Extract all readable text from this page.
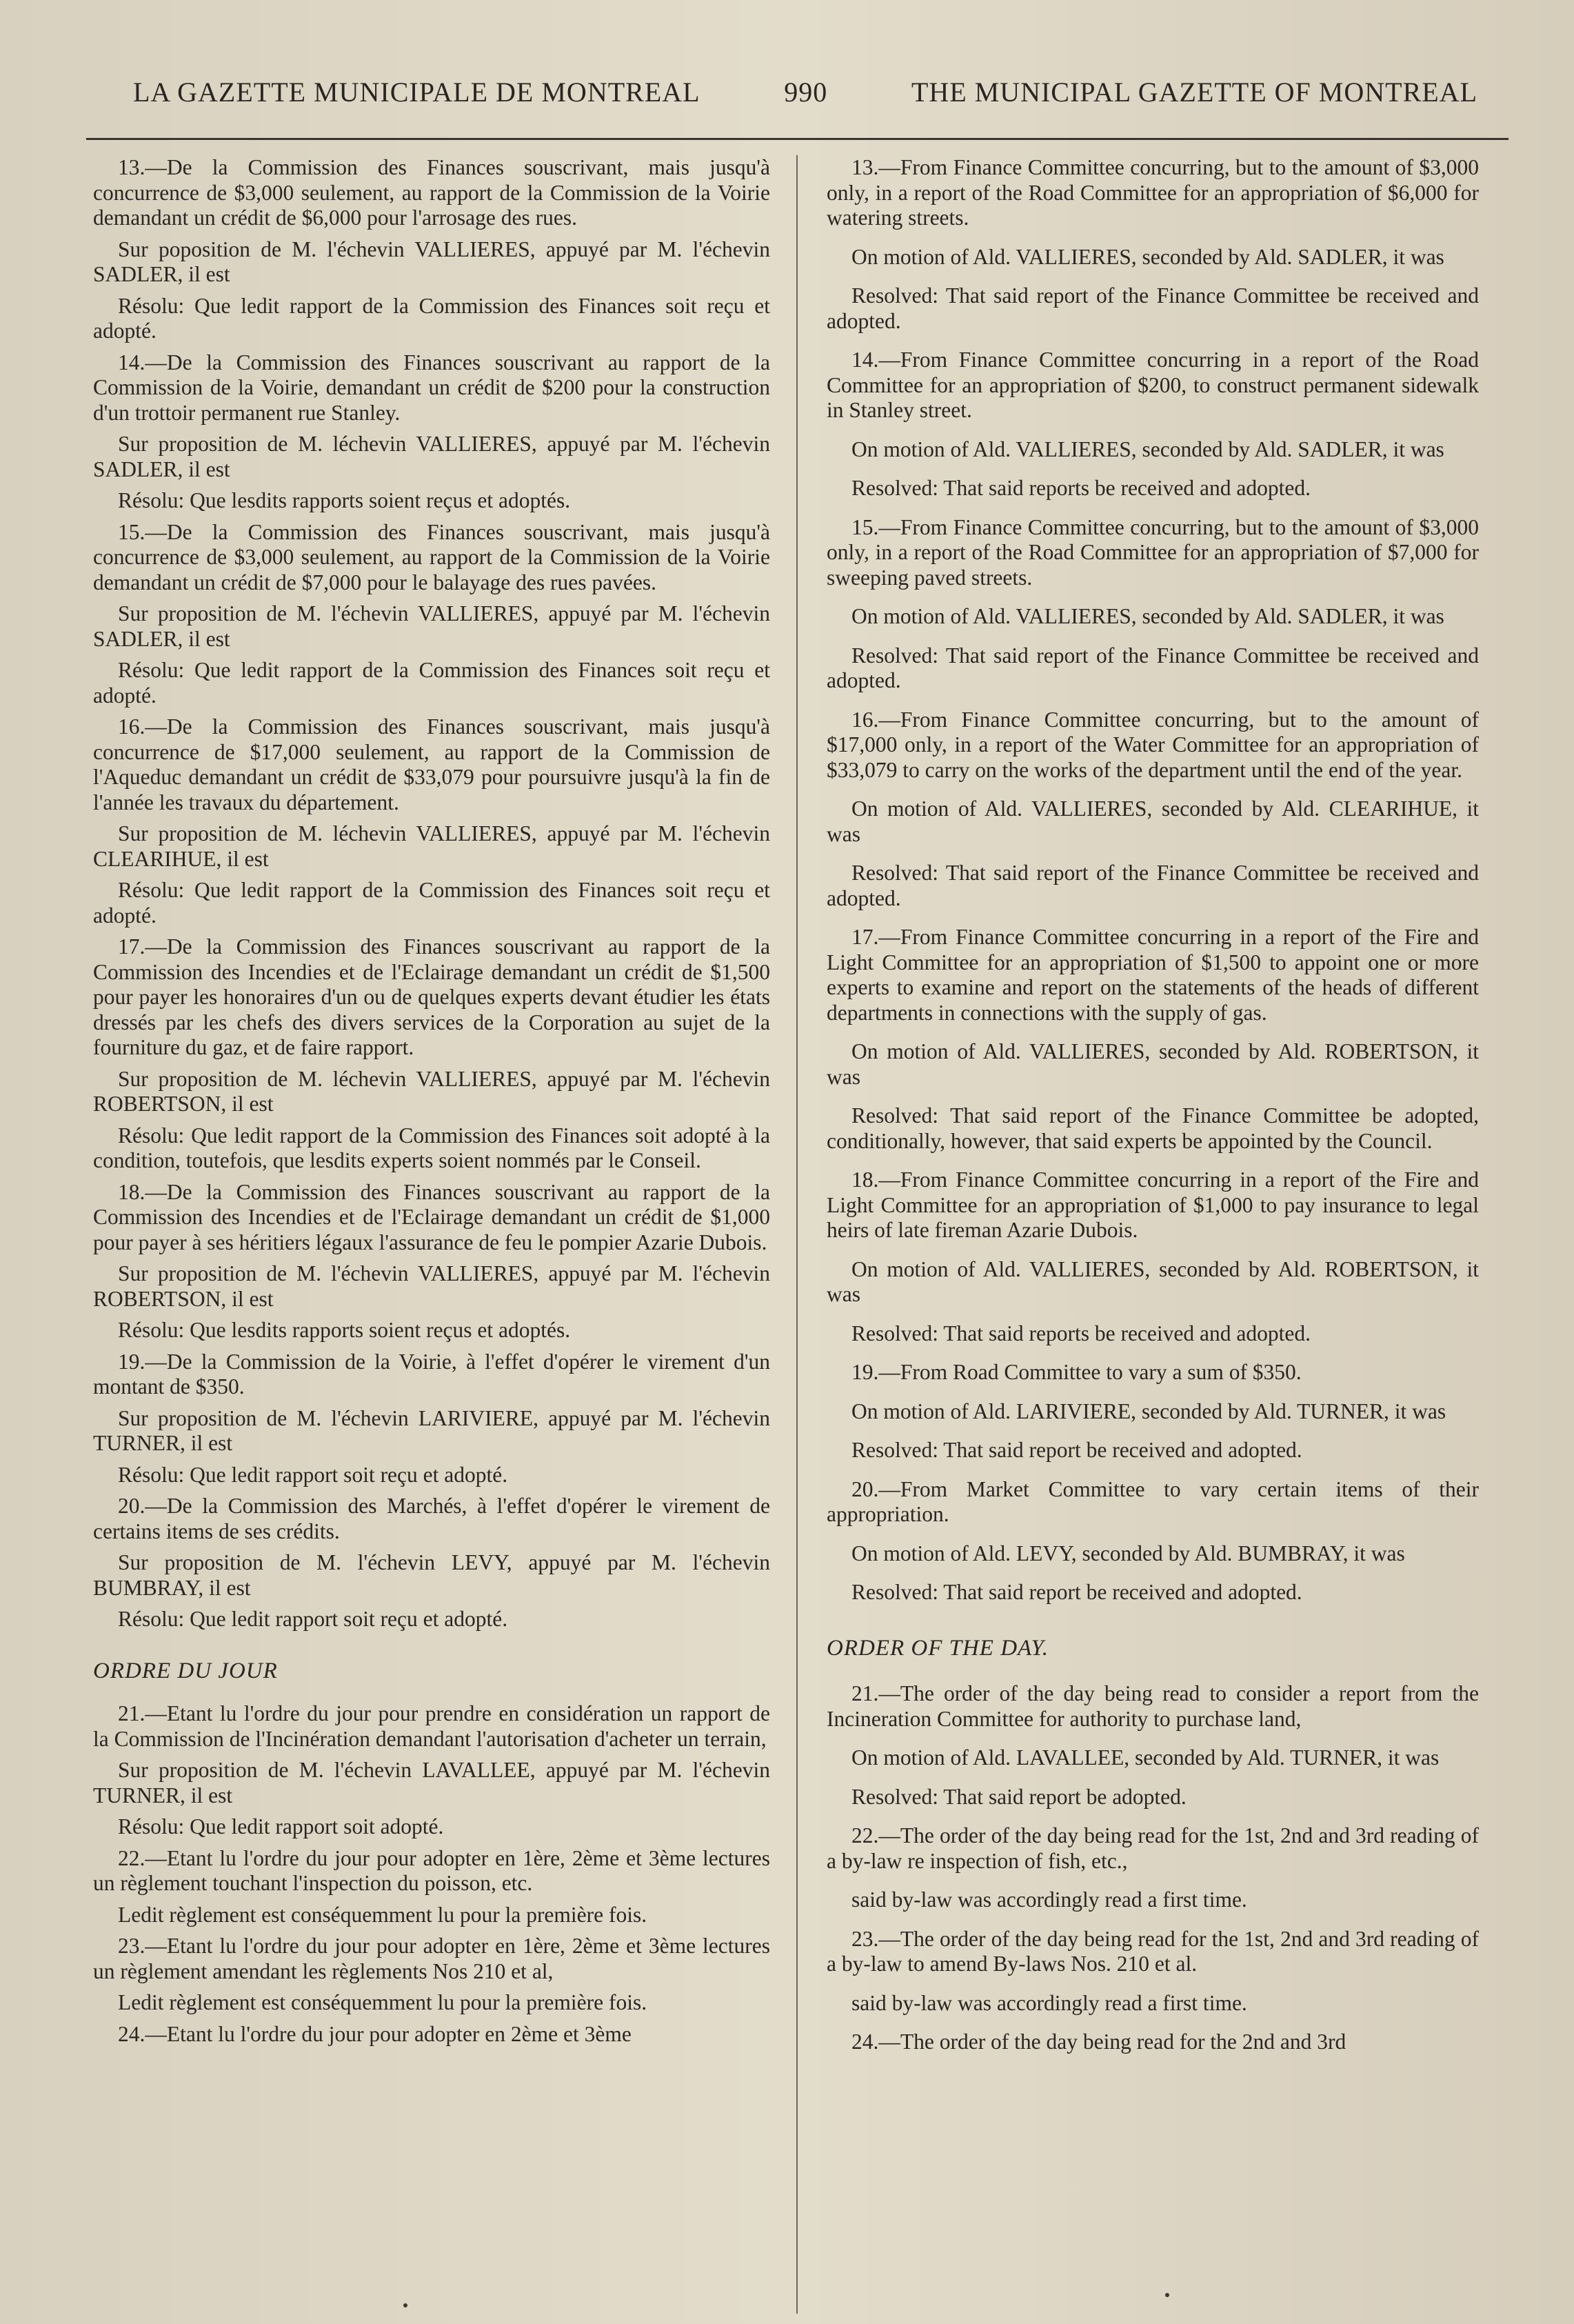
LA GAZETTE MUNICIPALE DE MONTREAL	990	THE MUNICIPAL GAZETTE OF MONTREAL

13.—De la Commission des Finances souscrivant, mais jusqu'à concurrence de $3,000 seulement, au rapport de la Commission de la Voirie demandant un crédit de $6,000 pour l'arrosage des rues.

Sur poposition de M. l'échevin VALLIERES, appuyé par M. l'échevin SADLER, il est

Résolu: Que ledit rapport de la Commission des Finances soit reçu et adopté.

14.—De la Commission des Finances souscrivant au rapport de la Commission de la Voirie, demandant un crédit de $200 pour la construction d'un trottoir permanent rue Stanley.

Sur proposition de M. léchevin VALLIERES, appuyé par M. l'échevin SADLER, il est

Résolu: Que lesdits rapports soient reçus et adoptés.

15.—De la Commission des Finances souscrivant, mais jusqu'à concurrence de $3,000 seulement, au rapport de la Commission de la Voirie demandant un crédit de $7,000 pour le balayage des rues pavées.

Sur proposition de M. l'échevin VALLIERES, appuyé par M. l'échevin SADLER, il est

Résolu: Que ledit rapport de la Commission des Finances soit reçu et adopté.

16.—De la Commission des Finances souscrivant, mais jusqu'à concurrence de $17,000 seulement, au rapport de la Commission de l'Aqueduc demandant un crédit de $33,079 pour poursuivre jusqu'à la fin de l'année les travaux du département.

Sur proposition de M. léchevin VALLIERES, appuyé par M. l'échevin CLEARIHUE, il est

Résolu: Que ledit rapport de la Commission des Finances soit reçu et adopté.

17.—De la Commission des Finances souscrivant au rapport de la Commission des Incendies et de l'Eclairage demandant un crédit de $1,500 pour payer les honoraires d'un ou de quelques experts devant étudier les états dressés par les chefs des divers services de la Corporation au sujet de la fourniture du gaz, et de faire rapport.

Sur proposition de M. léchevin VALLIERES, appuyé par M. l'échevin ROBERTSON, il est

Résolu: Que ledit rapport de la Commission des Finances soit adopté à la condition, toutefois, que lesdits experts soient nommés par le Conseil.

18.—De la Commission des Finances souscrivant au rapport de la Commission des Incendies et de l'Eclairage demandant un crédit de $1,000 pour payer à ses héritiers légaux l'assurance de feu le pompier Azarie Dubois.

Sur proposition de M. l'échevin VALLIERES, appuyé par M. l'échevin ROBERTSON, il est

Résolu: Que lesdits rapports soient reçus et adoptés.

19.—De la Commission de la Voirie, à l'effet d'opérer le virement d'un montant de $350.

Sur proposition de M. l'échevin LARIVIERE, appuyé par M. l'échevin TURNER, il est

Résolu: Que ledit rapport soit reçu et adopté.

20.—De la Commission des Marchés, à l'effet d'opérer le virement de certains items de ses crédits.

Sur proposition de M. l'échevin LEVY, appuyé par M. l'échevin BUMBRAY, il est

Résolu: Que ledit rapport soit reçu et adopté.

ORDRE DU JOUR

21.—Etant lu l'ordre du jour pour prendre en considération un rapport de la Commission de l'Incinération demandant l'autorisation d'acheter un terrain,

Sur proposition de M. l'échevin LAVALLEE, appuyé par M. l'échevin TURNER, il est

Résolu: Que ledit rapport soit adopté.

22.—Etant lu l'ordre du jour pour adopter en 1ère, 2ème et 3ème lectures un règlement touchant l'inspection du poisson, etc.

Ledit règlement est conséquemment lu pour la première fois.

23.—Etant lu l'ordre du jour pour adopter en 1ère, 2ème et 3ème lectures un règlement amendant les règlements Nos 210 et al,

Ledit règlement est conséquemment lu pour la première fois.

24.—Etant lu l'ordre du jour pour adopter en 2ème et 3ème

13.—From Finance Committee concurring, but to the amount of $3,000 only, in a report of the Road Committee for an appropriation of $6,000 for watering streets.

On motion of Ald. VALLIERES, seconded by Ald. SADLER, it was

Resolved: That said report of the Finance Committee be received and adopted.

14.—From Finance Committee concurring in a report of the Road Committee for an appropriation of $200, to construct permanent sidewalk in Stanley street.

On motion of Ald. VALLIERES, seconded by Ald. SADLER, it was

Resolved: That said reports be received and adopted.

15.—From Finance Committee concurring, but to the amount of $3,000 only, in a report of the Road Committee for an appropriation of $7,000 for sweeping paved streets.

On motion of Ald. VALLIERES, seconded by Ald. SADLER, it was

Resolved: That said report of the Finance Committee be received and adopted.

16.—From Finance Committee concurring, but to the amount of $17,000 only, in a report of the Water Committee for an appropriation of $33,079 to carry on the works of the department until the end of the year.

On motion of Ald. VALLIERES, seconded by Ald. CLEARIHUE, it was

Resolved: That said report of the Finance Committee be received and adopted.

17.—From Finance Committee concurring in a report of the Fire and Light Committee for an appropriation of $1,500 to appoint one or more experts to examine and report on the statements of the heads of different departments in connections with the supply of gas.

On motion of Ald. VALLIERES, seconded by Ald. ROBERTSON, it was

Resolved: That said report of the Finance Committee be adopted, conditionally, however, that said experts be appointed by the Council.

18.—From Finance Committee concurring in a report of the Fire and Light Committee for an appropriation of $1,000 to pay insurance to legal heirs of late fireman Azarie Dubois.

On motion of Ald. VALLIERES, seconded by Ald. ROBERTSON, it was

Resolved: That said reports be received and adopted.

19.—From Road Committee to vary a sum of $350.

On motion of Ald. LARIVIERE, seconded by Ald. TURNER, it was

Resolved: That said report be received and adopted.

20.—From Market Committee to vary certain items of their appropriation.

On motion of Ald. LEVY, seconded by Ald. BUMBRAY, it was

Resolved: That said report be received and adopted.

ORDER OF THE DAY.

21.—The order of the day being read to consider a report from the Incineration Committee for authority to purchase land,

On motion of Ald. LAVALLEE, seconded by Ald. TURNER, it was

Resolved: That said report be adopted.

22.—The order of the day being read for the 1st, 2nd and 3rd reading of a by-law re inspection of fish, etc.,

said by-law was accordingly read a first time.

23.—The order of the day being read for the 1st, 2nd and 3rd reading of a by-law to amend By-laws Nos. 210 et al.

said by-law was accordingly read a first time.

24.—The order of the day being read for the 2nd and 3rd
